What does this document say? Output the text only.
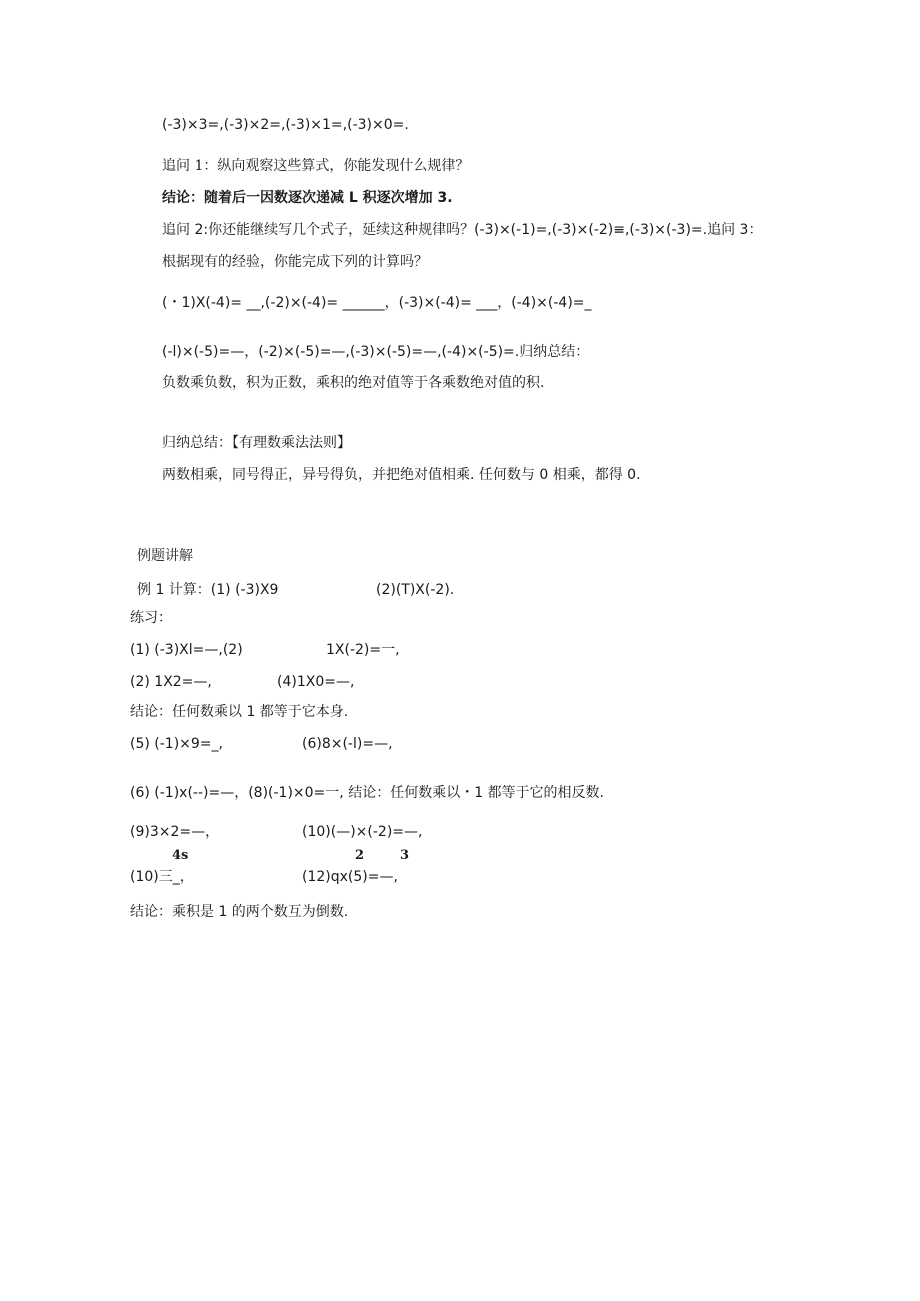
(-3)×3=,(-3)×2=,(-3)×1=,(-3)×0=.
追问 1：纵向观察这些算式，你能发现什么规律？
结论：随着后一因数逐次递减 L 积逐次增加 3.
追问 2:你还能继续写几个式子，延续这种规律吗？(-3)×(-1)=,(-3)×(-2)≡,(-3)×(-3)=.追问 3：
根据现有的经验，你能完成下列的计算吗？
(・1)X(-4)= __,(-2)×(-4)= ______，(-3)×(-4)= ___，(-4)×(-4)=_
(-l)×(-5)=—，(-2)×(-5)=—,(-3)×(-5)=—,(-4)×(-5)=.归纳总结：
负数乘负数，积为正数，乘积的绝对值等于各乘数绝对值的积.
归纳总结：【有理数乘法法则】
两数相乘，同号得正，异号得负，并把绝对值相乘. 任何数与 0 相乘，都得 0.
例题讲解
例 1 计算：(1) (-3)X9	(2)(T)X(-2).
练习：
(1) (-3)Xl=—,(2)	1X(-2)=一,
(2) 1X2=—,	(4)1X0=—,
结论：任何数乘以 1 都等于它本身.
(5) (-1)×9=_,	(6)8×(-l)=—,
(6) (-1)x(--)=—，(8)(-1)×0=一, 结论：任何数乘以・1 都等于它的相反数.
(9)3×2=—，	(10)(—)×(-2)=—,
4s	2	3
(10)三_，	(12)qx(5)=—,
结论：乘积是 1 的两个数互为倒数.
